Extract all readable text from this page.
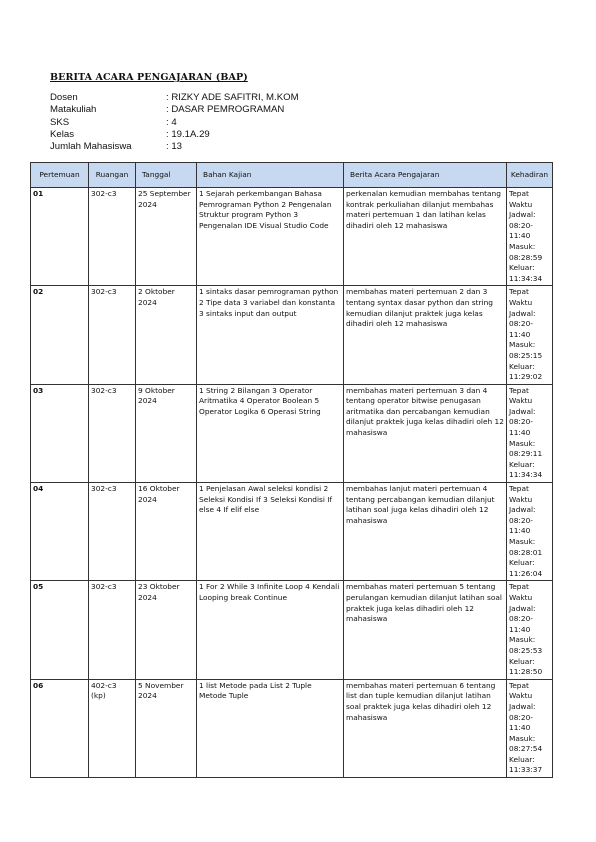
BERITA ACARA PENGAJARAN (BAP)
Dosen	: RIZKY ADE SAFITRI, M.KOM
Matakuliah	: DASAR PEMROGRAMAN
SKS	: 4
Kelas	: 19.1A.29
Jumlah Mahasiswa	: 13
Pertemuan	Ruangan	Tanggal	Bahan Kajian	Berita Acara Pengajaran	Kehadiran
01	302-c3	25 September 2024	1 Sejarah perkembangan Bahasa Pemrograman Python 2 Pengenalan Struktur program Python 3 Pengenalan IDE Visual Studio Code	perkenalan kemudian membahas tentang kontrak perkuliahan dilanjut membahas materi pertemuan 1 dan latihan kelas dihadiri oleh 12 mahasiswa	Tepat Waktu Jadwal: 08:20-11:40 Masuk: 08:28:59 Keluar: 11:34:34
02	302-c3	2 Oktober 2024	1 sintaks dasar pemrograman python 2 Tipe data 3 variabel dan konstanta 3 sintaks input dan output	membahas materi pertemuan 2 dan 3 tentang syntax dasar python dan string kemudian dilanjut praktek juga kelas dihadiri oleh 12 mahasiswa	Tepat Waktu Jadwal: 08:20-11:40 Masuk: 08:25:15 Keluar: 11:29:02
03	302-c3	9 Oktober 2024	1 String 2 Bilangan 3 Operator Aritmatika 4 Operator Boolean 5 Operator Logika 6 Operasi String	membahas materi pertemuan 3 dan 4 tentang operator bitwise penugasan aritmatika dan percabangan kemudian dilanjut praktek juga kelas dihadiri oleh 12 mahasiswa	Tepat Waktu Jadwal: 08:20-11:40 Masuk: 08:29:11 Keluar: 11:34:34
04	302-c3	16 Oktober 2024	1 Penjelasan Awal seleksi kondisi 2 Seleksi Kondisi If 3 Seleksi Kondisi If else 4 If elif else	membahas lanjut materi pertemuan 4 tentang percabangan kemudian dilanjut latihan soal juga kelas dihadiri oleh 12 mahasiswa	Tepat Waktu Jadwal: 08:20-11:40 Masuk: 08:28:01 Keluar: 11:26:04
05	302-c3	23 Oktober 2024	1 For 2 While 3 Infinite Loop 4 Kendali Looping break Continue	membahas materi pertemuan 5 tentang perulangan kemudian dilanjut latihan soal praktek juga kelas dihadiri oleh 12 mahasiswa	Tepat Waktu Jadwal: 08:20-11:40 Masuk: 08:25:53 Keluar: 11:28:50
06	402-c3 (kp)	5 November 2024	1 list Metode pada List 2 Tuple Metode Tuple	membahas materi pertemuan 6 tentang list dan tuple kemudian dilanjut latihan soal praktek juga kelas dihadiri oleh 12 mahasiswa	Tepat Waktu Jadwal: 08:20-11:40 Masuk: 08:27:54 Keluar: 11:33:37
